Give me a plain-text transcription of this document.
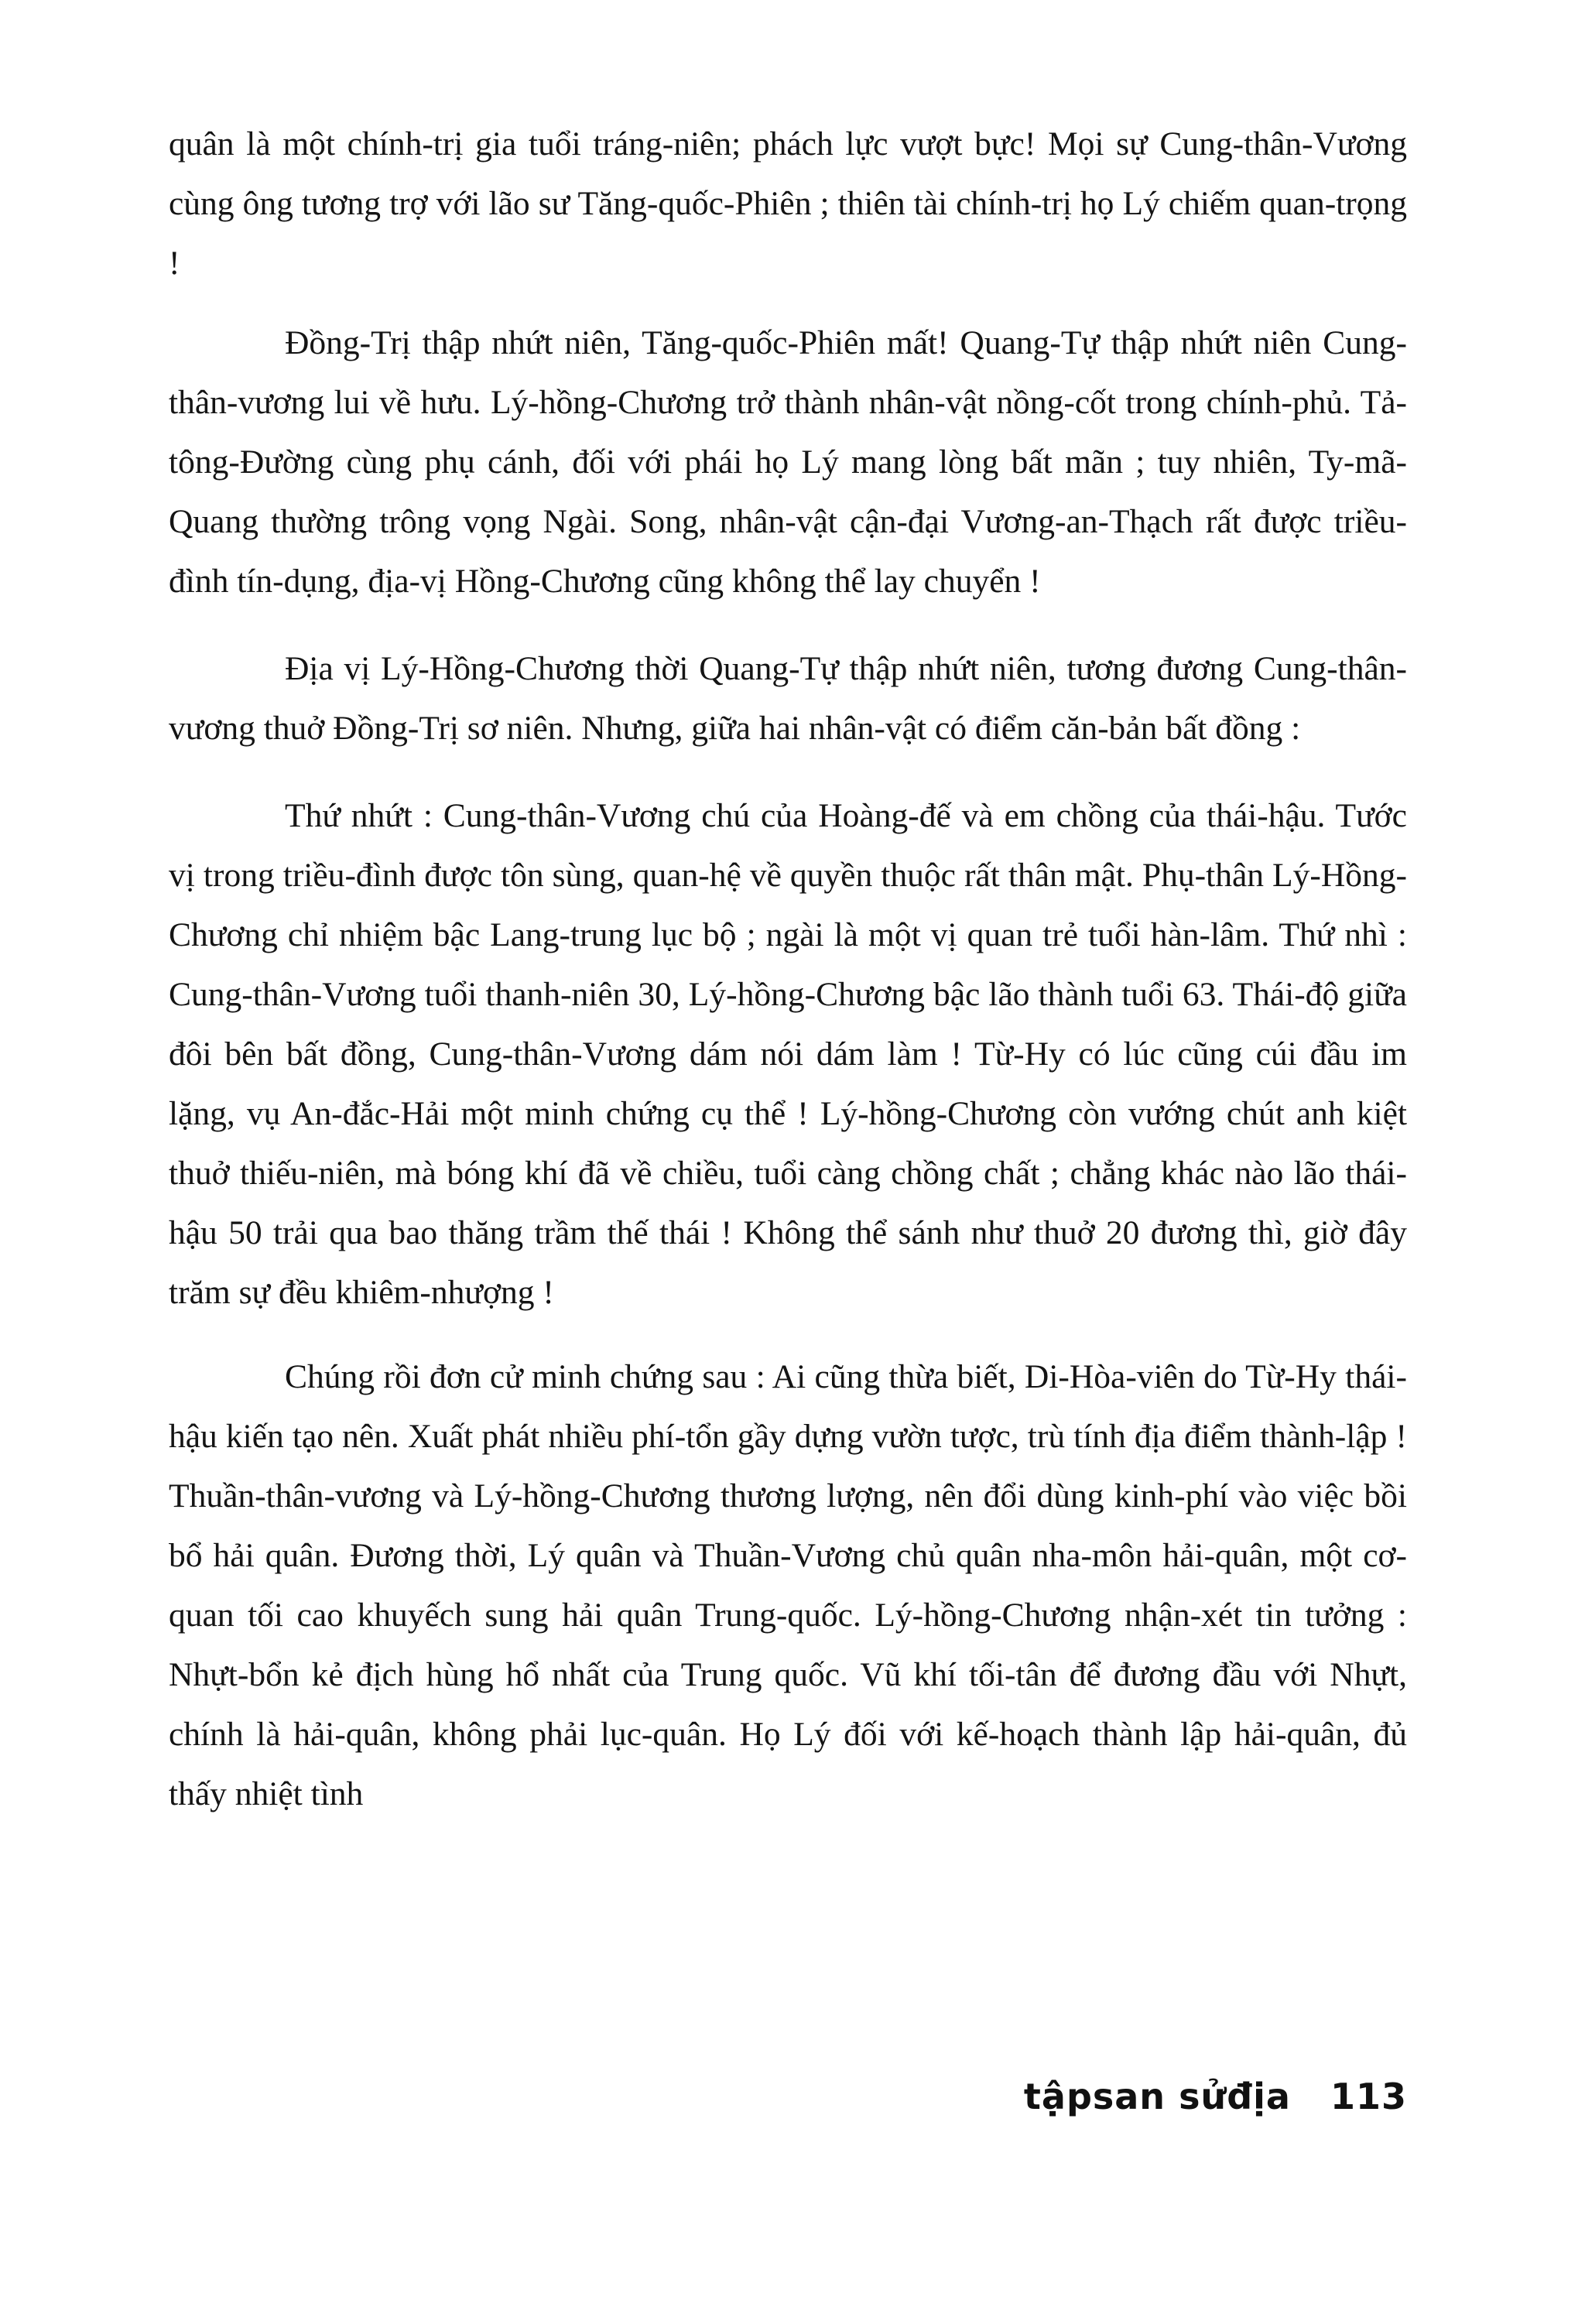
quân là một chính-trị gia tuổi tráng-niên; phách lực vượt bực! Mọi sự Cung-thân-Vương cùng ông tương trợ với lão sư Tăng-quốc-Phiên ; thiên tài chính-trị họ Lý chiếm quan-trọng !

Đồng-Trị thập nhứt niên, Tăng-quốc-Phiên mất! Quang-Tự thập nhứt niên Cung-thân-vương lui về hưu. Lý-hồng-Chương trở thành nhân-vật nồng-cốt trong chính-phủ. Tả-tông-Đường cùng phụ cánh, đối với phái họ Lý mang lòng bất mãn ; tuy nhiên, Ty-mã-Quang thường trông vọng Ngài. Song, nhân-vật cận-đại Vương-an-Thạch rất được triều-đình tín-dụng, địa-vị Hồng-Chương cũng không thể lay chuyển !

Địa vị Lý-Hồng-Chương thời Quang-Tự thập nhứt niên, tương đương Cung-thân-vương thuở Đồng-Trị sơ niên. Nhưng, giữa hai nhân-vật có điểm căn-bản bất đồng :

Thứ nhứt : Cung-thân-Vương chú của Hoàng-đế và em chồng của thái-hậu. Tước vị trong triều-đình được tôn sùng, quan-hệ về quyền thuộc rất thân mật. Phụ-thân Lý-Hồng-Chương chỉ nhiệm bậc Lang-trung lục bộ ; ngài là một vị quan trẻ tuổi hàn-lâm. Thứ nhì : Cung-thân-Vương tuổi thanh-niên 30, Lý-hồng-Chương bậc lão thành tuổi 63. Thái-độ giữa đôi bên bất đồng, Cung-thân-Vương dám nói dám làm ! Từ-Hy có lúc cũng cúi đầu im lặng, vụ An-đắc-Hải một minh chứng cụ thể ! Lý-hồng-Chương còn vướng chút anh kiệt thuở thiếu-niên, mà bóng khí đã về chiều, tuổi càng chồng chất ; chẳng khác nào lão thái-hậu 50 trải qua bao thăng trầm thế thái ! Không thể sánh như thuở 20 đương thì, giờ đây trăm sự đều khiêm-nhượng !

Chúng rồi đơn cử minh chứng sau : Ai cũng thừa biết, Di-Hòa-viên do Từ-Hy thái-hậu kiến tạo nên. Xuất phát nhiều phí-tổn gầy dựng vườn tược, trù tính địa điểm thành-lập ! Thuần-thân-vương và Lý-hồng-Chương thương lượng, nên đổi dùng kinh-phí vào việc bồi bổ hải quân. Đương thời, Lý quân và Thuần-Vương chủ quân nha-môn hải-quân, một cơ-quan tối cao khuyếch sung hải quân Trung-quốc. Lý-hồng-Chương nhận-xét tin tưởng : Nhựt-bổn kẻ địch hùng hổ nhất của Trung quốc. Vũ khí tối-tân để đương đầu với Nhựt, chính là hải-quân, không phải lục-quân. Họ Lý đối với kế-hoạch thành lập hải-quân, đủ thấy nhiệt tình

tậpsan sửđịa 113
